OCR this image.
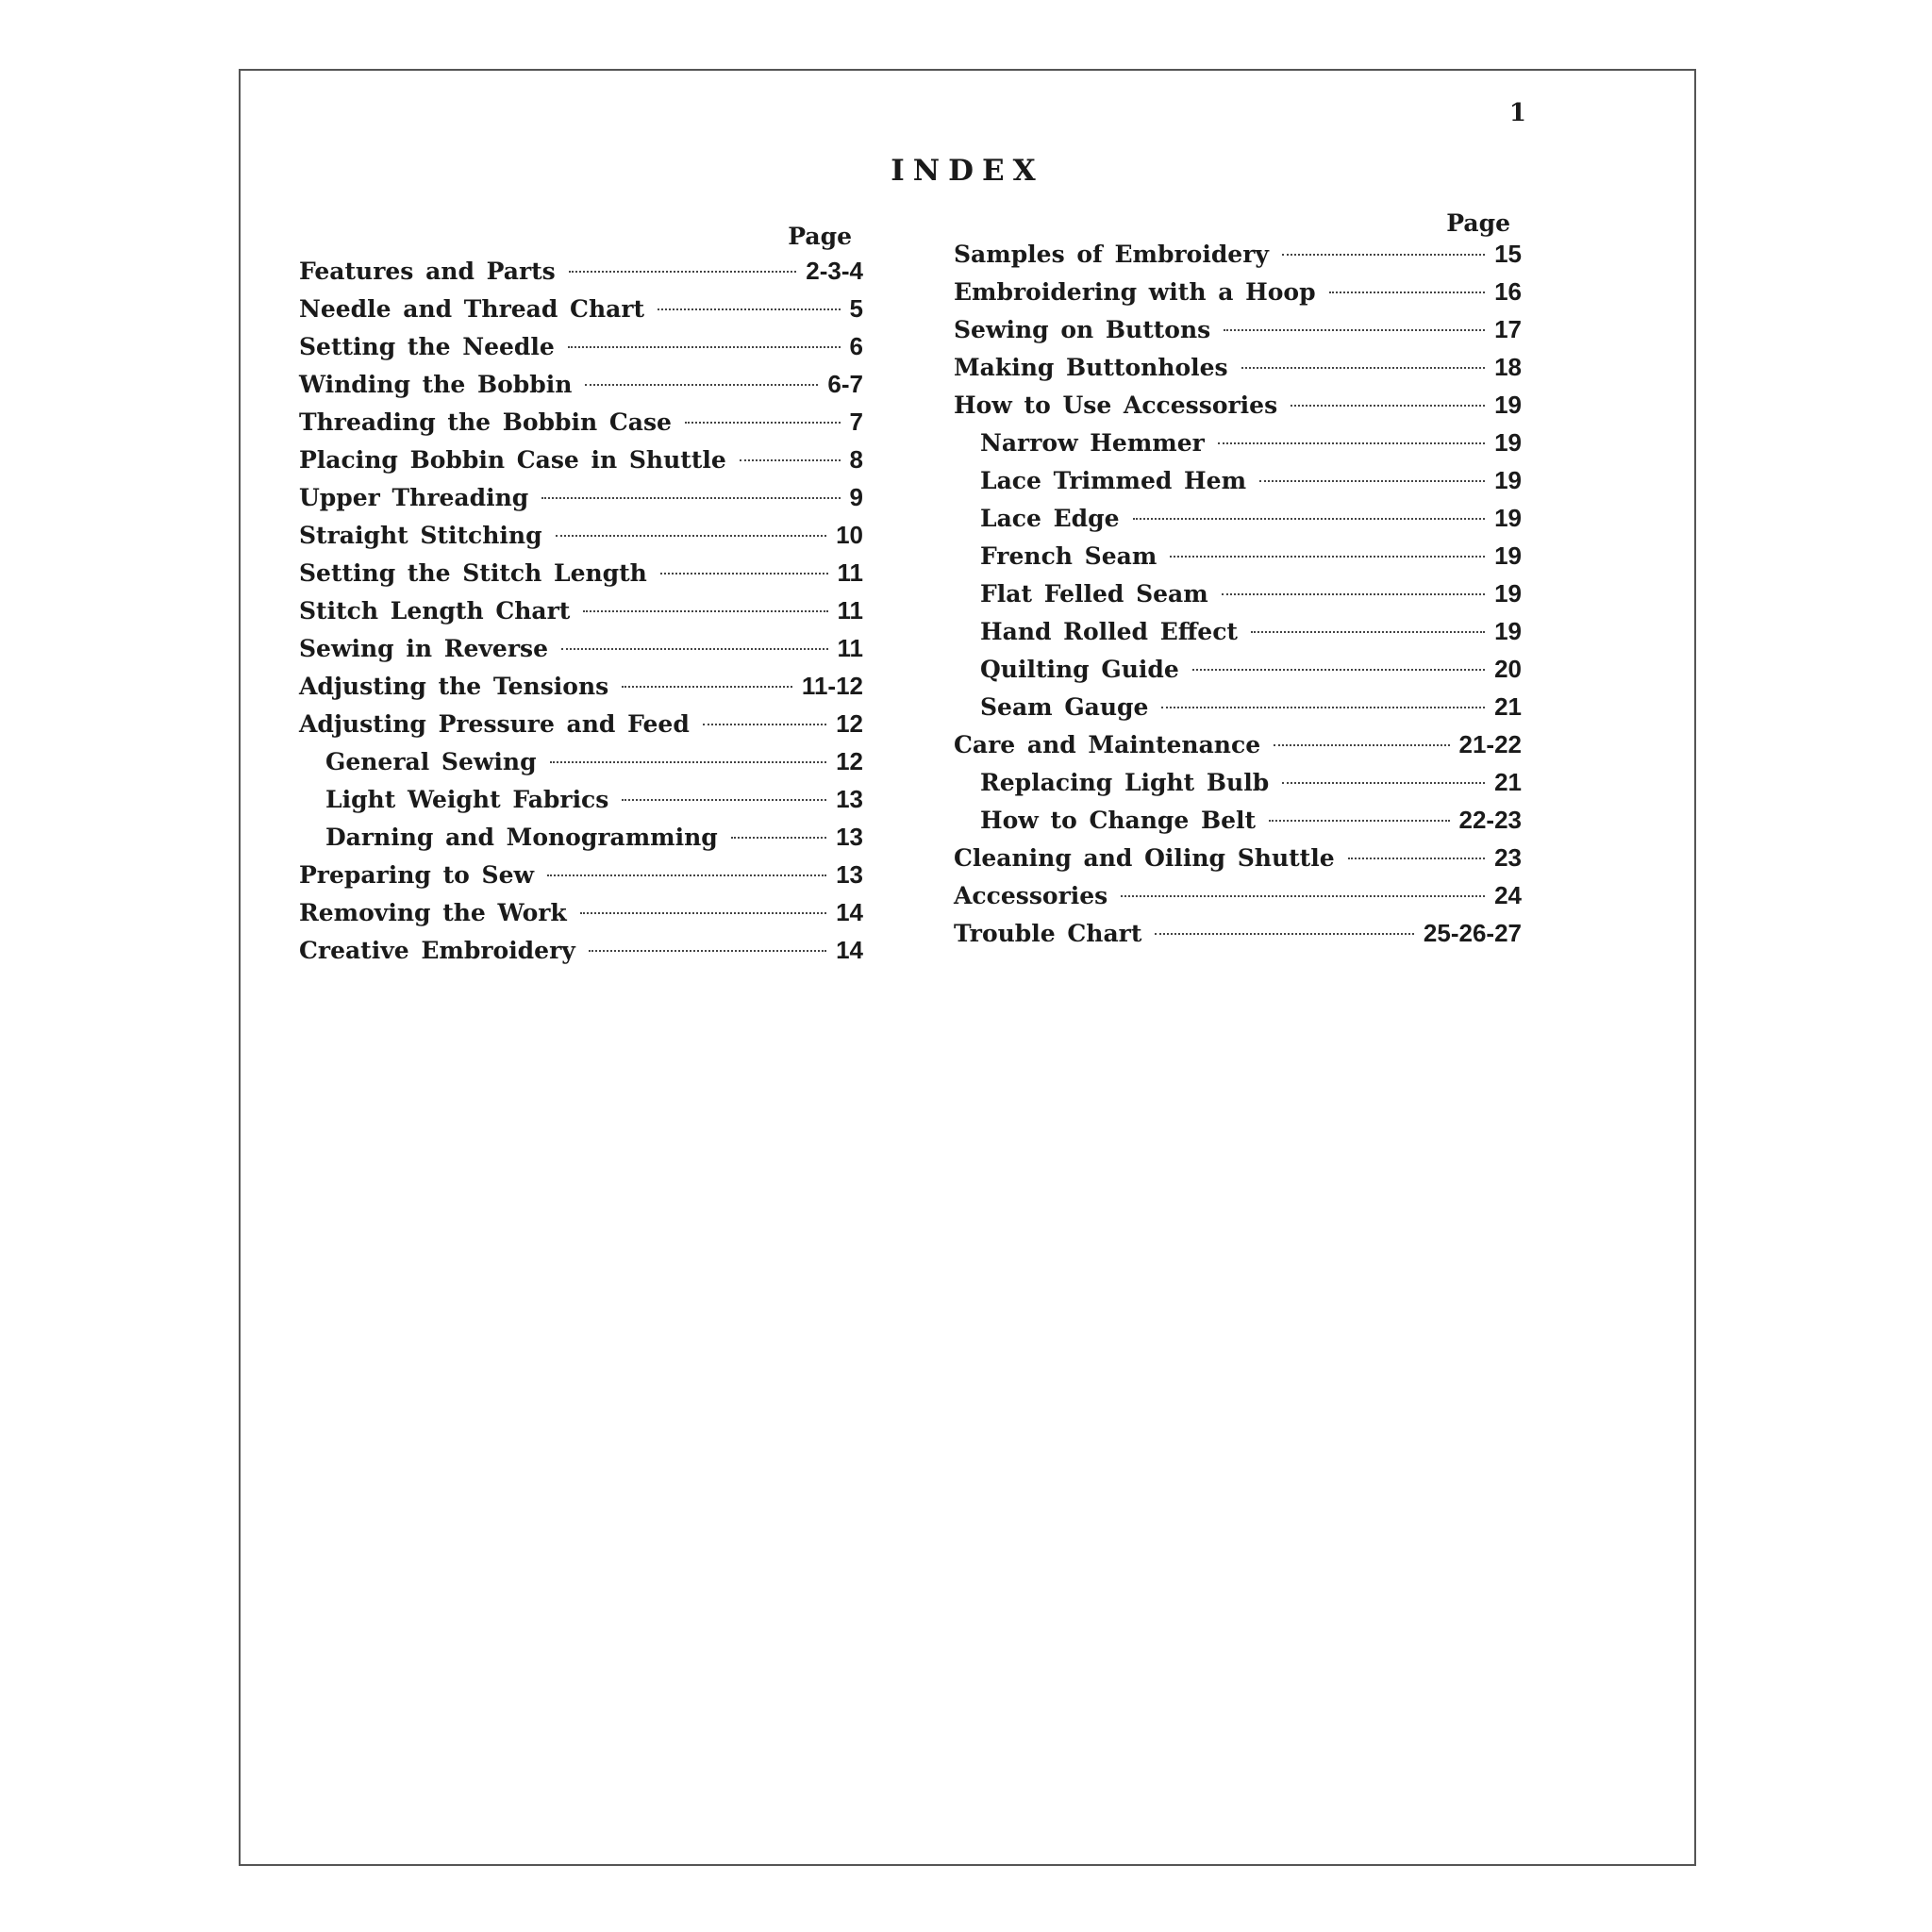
1
INDEX
Page
Features and Parts	2-3-4
Needle and Thread Chart	5
Setting the Needle	6
Winding the Bobbin	6-7
Threading the Bobbin Case	7
Placing Bobbin Case in Shuttle	8
Upper Threading	9
Straight Stitching	10
Setting the Stitch Length	11
Stitch Length Chart	11
Sewing in Reverse	11
Adjusting the Tensions	11-12
Adjusting Pressure and Feed	12
General Sewing	12
Light Weight Fabrics	13
Darning and Monogramming	13
Preparing to Sew	13
Removing the Work	14
Creative Embroidery	14
Page
Samples of Embroidery	15
Embroidering with a Hoop	16
Sewing on Buttons	17
Making Buttonholes	18
How to Use Accessories	19
Narrow Hemmer	19
Lace Trimmed Hem	19
Lace Edge	19
French Seam	19
Flat Felled Seam	19
Hand Rolled Effect	19
Quilting Guide	20
Seam Gauge	21
Care and Maintenance	21-22
Replacing Light Bulb	21
How to Change Belt	22-23
Cleaning and Oiling Shuttle	23
Accessories	24
Trouble Chart	25-26-27
